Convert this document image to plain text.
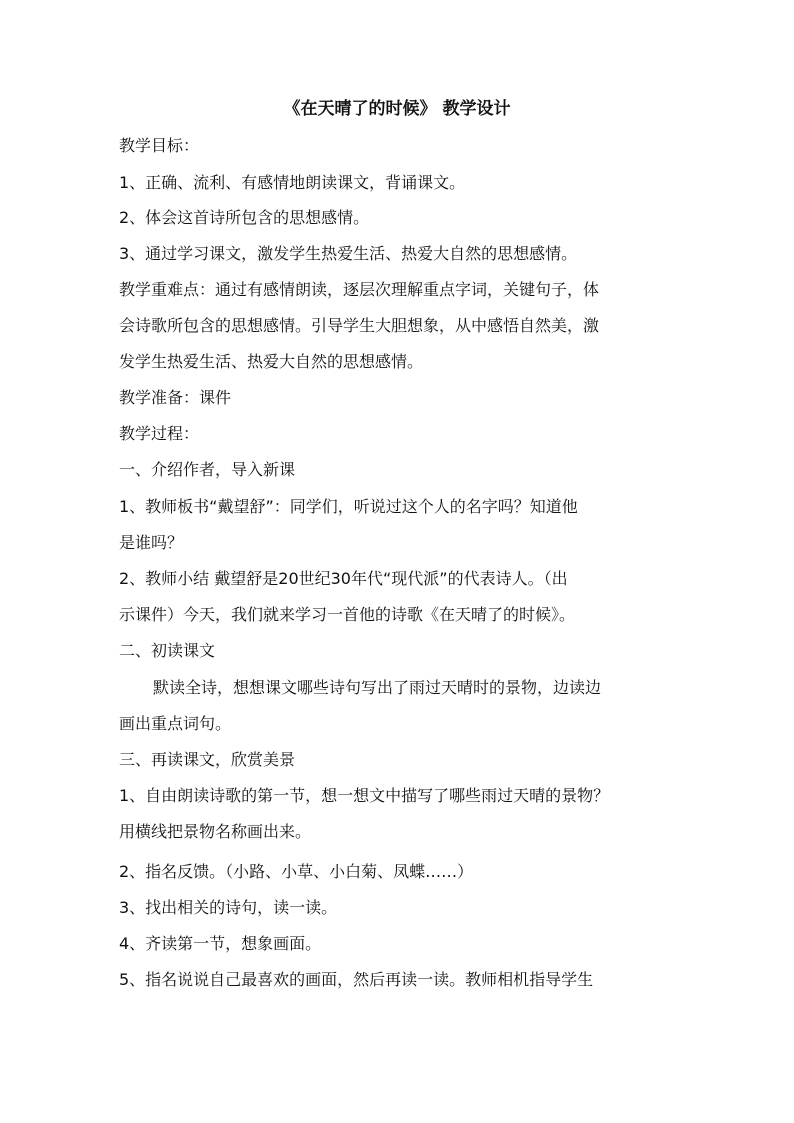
《在天晴了的时候》 教学设计
教学目标：
1、正确、流利、有感情地朗读课文，背诵课文。
2、体会这首诗所包含的思想感情。
3、通过学习课文，激发学生热爱生活、热爱大自然的思想感情。
教学重难点：通过有感情朗读，逐层次理解重点字词，关键句子，体
会诗歌所包含的思想感情。引导学生大胆想象，从中感悟自然美，激
发学生热爱生活、热爱大自然的思想感情。
教学准备：课件
教学过程：
一、介绍作者，导入新课
1、教师板书“戴望舒”：同学们，听说过这个人的名字吗？知道他
是谁吗？
2、教师小结 戴望舒是20世纪30年代“现代派”的代表诗人。（出
示课件）今天，我们就来学习一首他的诗歌《在天晴了的时候》。
二、初读课文
默读全诗，想想课文哪些诗句写出了雨过天晴时的景物，边读边
画出重点词句。
三、再读课文，欣赏美景
1、自由朗读诗歌的第一节，想一想文中描写了哪些雨过天晴的景物？
用横线把景物名称画出来。
2、指名反馈。（小路、小草、小白菊、凤蝶……）
3、找出相关的诗句，读一读。
4、齐读第一节，想象画面。
5、指名说说自己最喜欢的画面，然后再读一读。教师相机指导学生
